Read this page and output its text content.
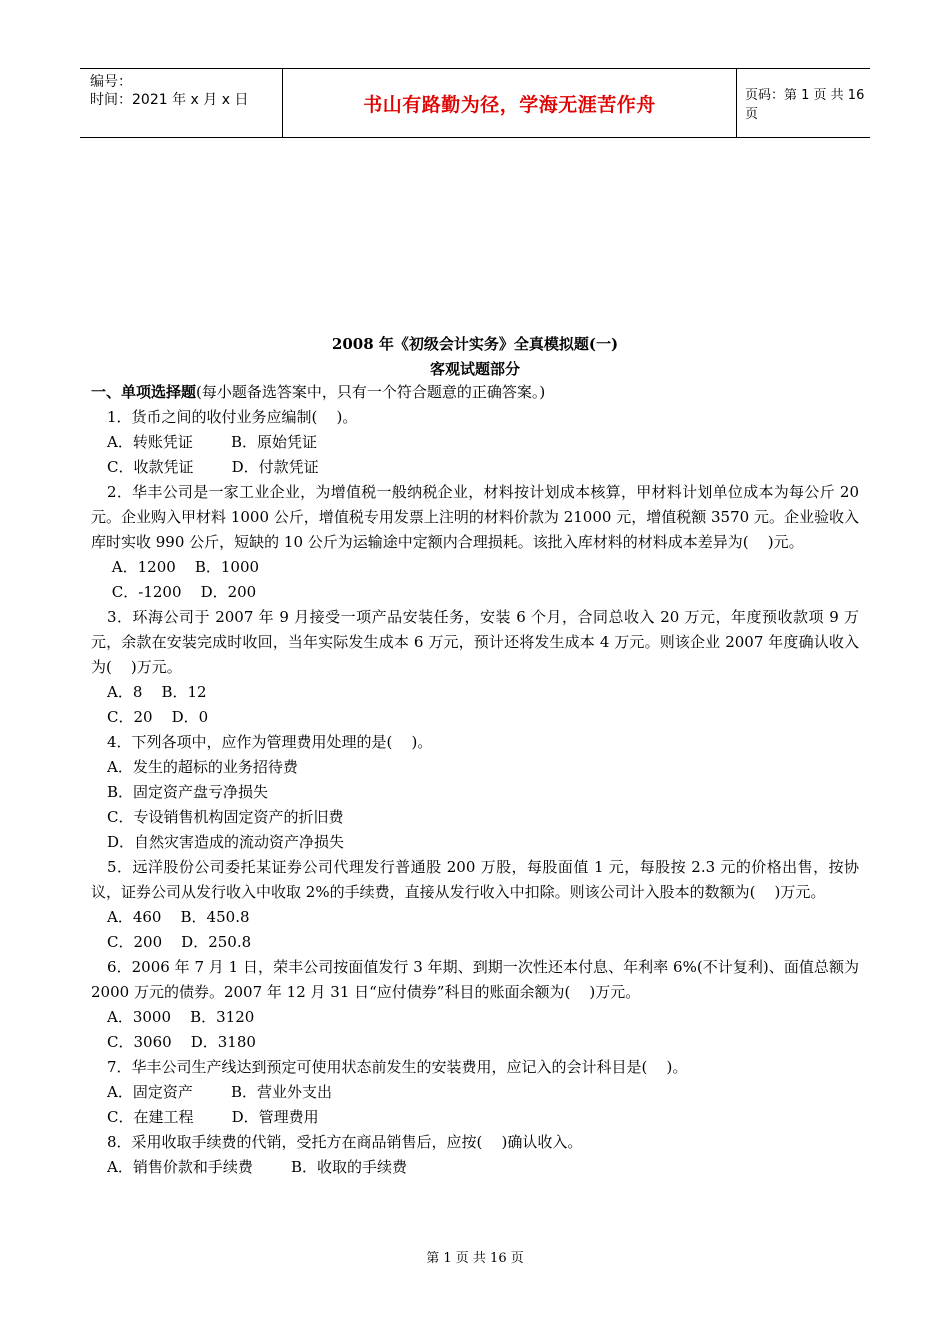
编号：
时间：2021 年 x 月 x 日	书山有路勤为径，学海无涯苦作舟	页码：第 1 页 共 16 页
2008 年《初级会计实务》全真模拟题(一)
客观试题部分

一、单项选择题(每小题备选答案中，只有一个符合题意的正确答案。)

1．货币之间的收付业务应编制(    )。

A．转账凭证        B．原始凭证

C．收款凭证        D．付款凭证

2．华丰公司是一家工业企业，为增值税一般纳税企业，材料按计划成本核算，甲材料计划单位成本为每公斤 20 元。企业购入甲材料 1000 公斤，增值税专用发票上注明的材料价款为 21000 元，增值税额 3570 元。企业验收入库时实收 990 公斤，短缺的 10 公斤为运输途中定额内合理损耗。该批入库材料的材料成本差异为(    )元。

A．1200    B．1000

C．-1200    D．200

3．环海公司于 2007 年 9 月接受一项产品安装任务，安装 6 个月，合同总收入 20 万元，年度预收款项 9 万元，余款在安装完成时收回，当年实际发生成本 6 万元，预计还将发生成本 4 万元。则该企业 2007 年度确认收入为(    )万元。

A．8    B．12

C．20    D．0

4．下列各项中，应作为管理费用处理的是(    )。

A．发生的超标的业务招待费

B．固定资产盘亏净损失

C．专设销售机构固定资产的折旧费

D．自然灾害造成的流动资产净损失

5．远洋股份公司委托某证券公司代理发行普通股 200 万股，每股面值 1 元，每股按 2.3 元的价格出售，按协议，证券公司从发行收入中收取 2%的手续费，直接从发行收入中扣除。则该公司计入股本的数额为(    )万元。

A．460    B．450.8

C．200    D．250.8

6．2006 年 7 月 1 日，荣丰公司按面值发行 3 年期、到期一次性还本付息、年利率 6%(不计复利)、面值总额为 2000 万元的债券。2007 年 12 月 31 日“应付债券”科目的账面余额为(    )万元。

A．3000    B．3120

C．3060    D．3180

7．华丰公司生产线达到预定可使用状态前发生的安装费用，应记入的会计科目是(    )。

A．固定资产        B．营业外支出

C．在建工程        D．管理费用

8．采用收取手续费的代销，受托方在商品销售后，应按(    )确认收入。

A．销售价款和手续费        B．收取的手续费

第 1 页 共 16 页
